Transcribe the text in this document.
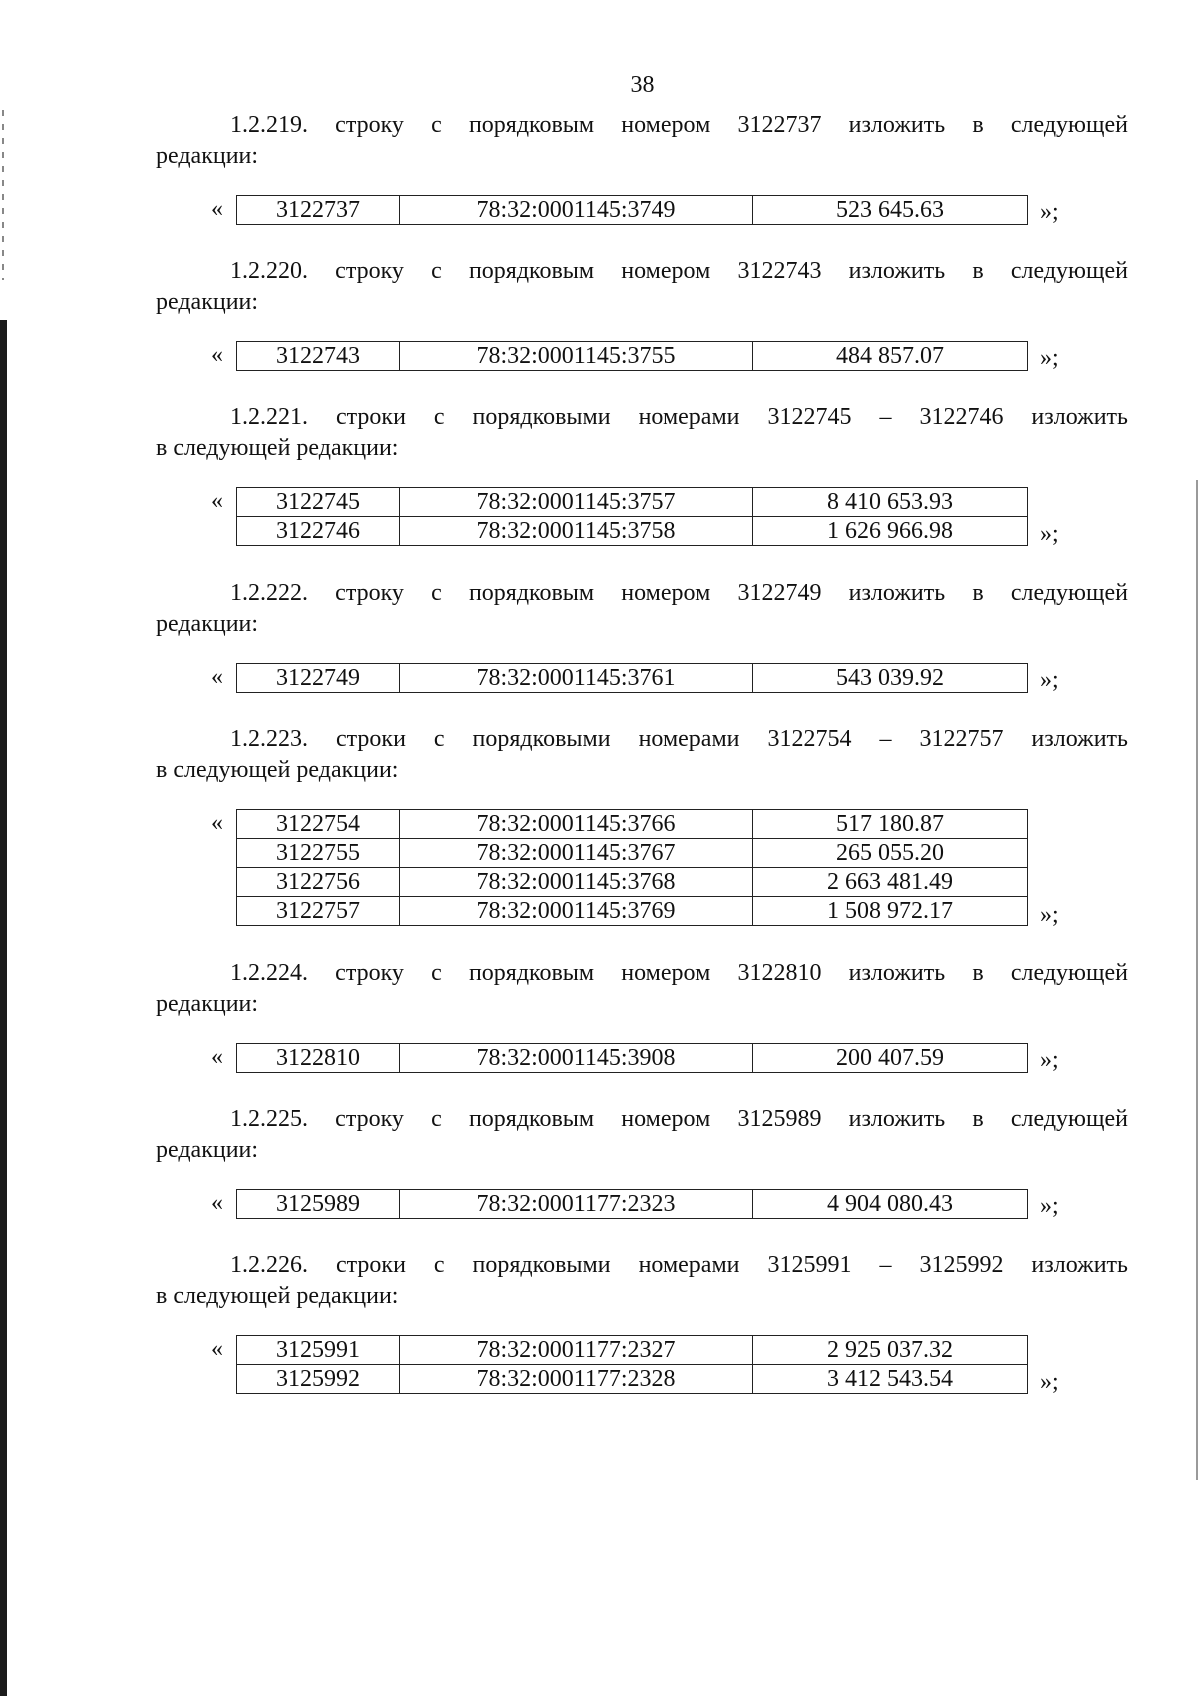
38
1.2.219. строку с порядковым номером 3122737 изложить в следующей
редакции:
« 3122737	78:32:0001145:3749	523 645.63	»;
1.2.220. строку с порядковым номером 3122743 изложить в следующей
редакции:
« 3122743	78:32:0001145:3755	484 857.07	»;
1.2.221. строки с порядковыми номерами 3122745 – 3122746 изложить
в следующей редакции:
« 3122745	78:32:0001145:3757	8 410 653.93
3122746	78:32:0001145:3758	1 626 966.98	»;
1.2.222. строку с порядковым номером 3122749 изложить в следующей
редакции:
« 3122749	78:32:0001145:3761	543 039.92	»;
1.2.223. строки с порядковыми номерами 3122754 – 3122757 изложить
в следующей редакции:
« 3122754	78:32:0001145:3766	517 180.87
3122755	78:32:0001145:3767	265 055.20
3122756	78:32:0001145:3768	2 663 481.49
3122757	78:32:0001145:3769	1 508 972.17	»;
1.2.224. строку с порядковым номером 3122810 изложить в следующей
редакции:
« 3122810	78:32:0001145:3908	200 407.59	»;
1.2.225. строку с порядковым номером 3125989 изложить в следующей
редакции:
« 3125989	78:32:0001177:2323	4 904 080.43	»;
1.2.226. строки с порядковыми номерами 3125991 – 3125992 изложить
в следующей редакции:
« 3125991	78:32:0001177:2327	2 925 037.32
3125992	78:32:0001177:2328	3 412 543.54	»;
